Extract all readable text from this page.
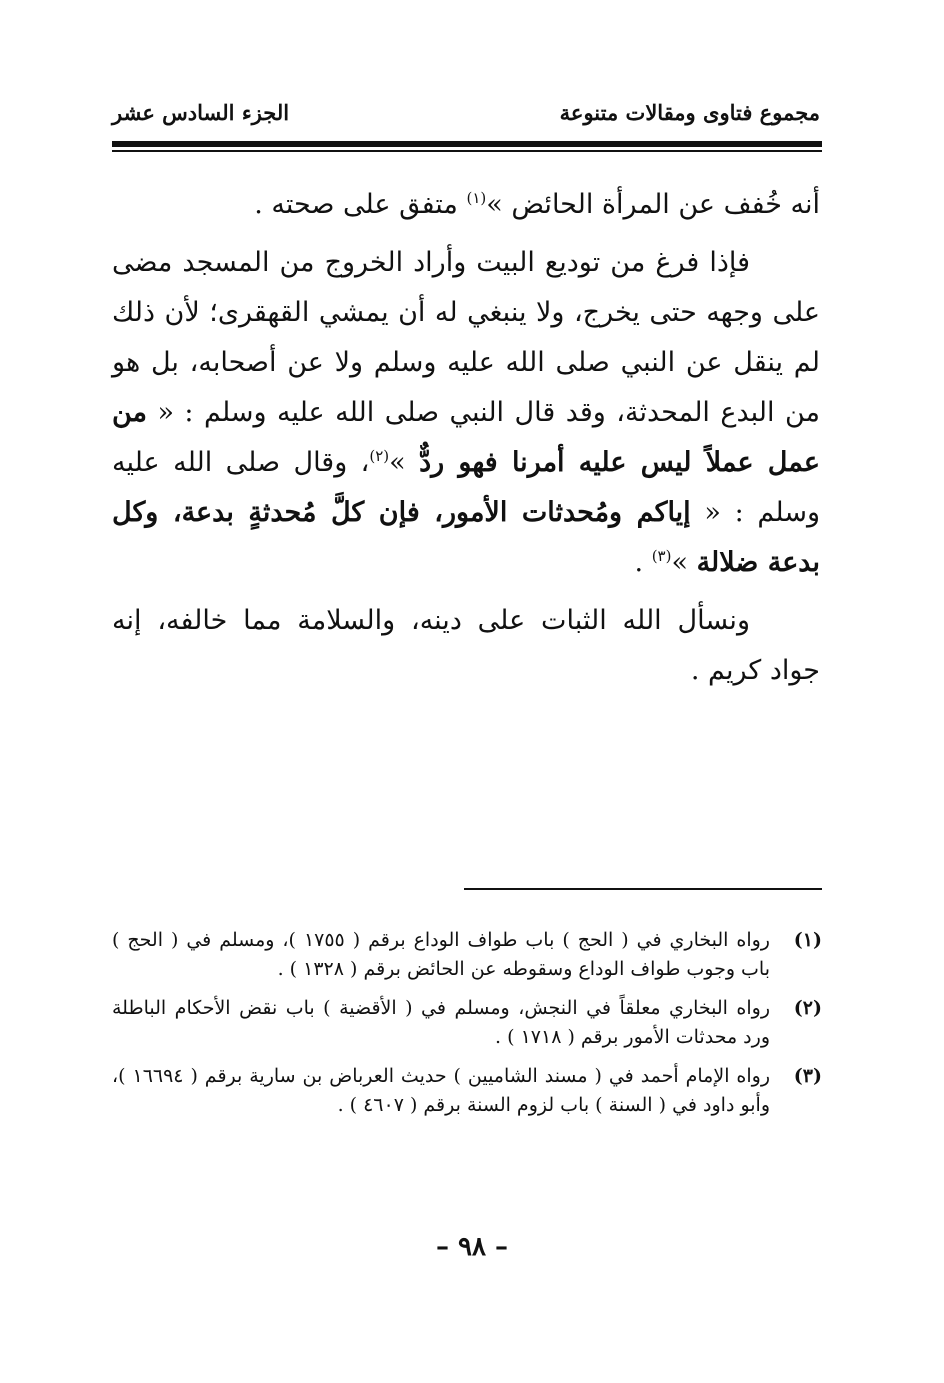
مجموع فتاوى ومقالات متنوعة
الجزء السادس عشر

أنه خُفف عن المرأة الحائض »$^{(١)}$ متفق على صحته .

فإذا فرغ من توديع البيت وأراد الخروج من المسجد مضى على وجهه حتى يخرج، ولا ينبغي له أن يمشي القهقرى؛ لأن ذلك لم ينقل عن النبي صلى الله عليه وسلم ولا عن أصحابه، بل هو من البدع المحدثة، وقد قال النبي صلى الله عليه وسلم : « من عمل عملاً ليس عليه أمرنا فهو ردٌّ »$^{(٢)}$، وقال صلى الله عليه وسلم : « إياكم ومُحدثات الأمور، فإن كلَّ مُحدثةٍ بدعة، وكل بدعة ضلالة »$^{(٣)}$ .

ونسأل الله الثبات على دينه، والسلامة مما خالفه، إنه جواد كريم .

(١)
رواه البخاري في ( الحج ) باب طواف الوداع برقم ( ١٧٥٥ )، ومسلم في ( الحج ) باب وجوب طواف الوداع وسقوطه عن الحائض برقم ( ١٣٢٨ ) .
(٢)
رواه البخاري معلقاً في النجش، ومسلم في ( الأقضية ) باب نقض الأحكام الباطلة ورد محدثات الأمور برقم ( ١٧١٨ ) .
(٣)
رواه الإمام أحمد في ( مسند الشاميين ) حديث العرباض بن سارية برقم ( ١٦٦٩٤ )، وأبو داود في ( السنة ) باب لزوم السنة برقم ( ٤٦٠٧ ) .
– ٩٨ –
